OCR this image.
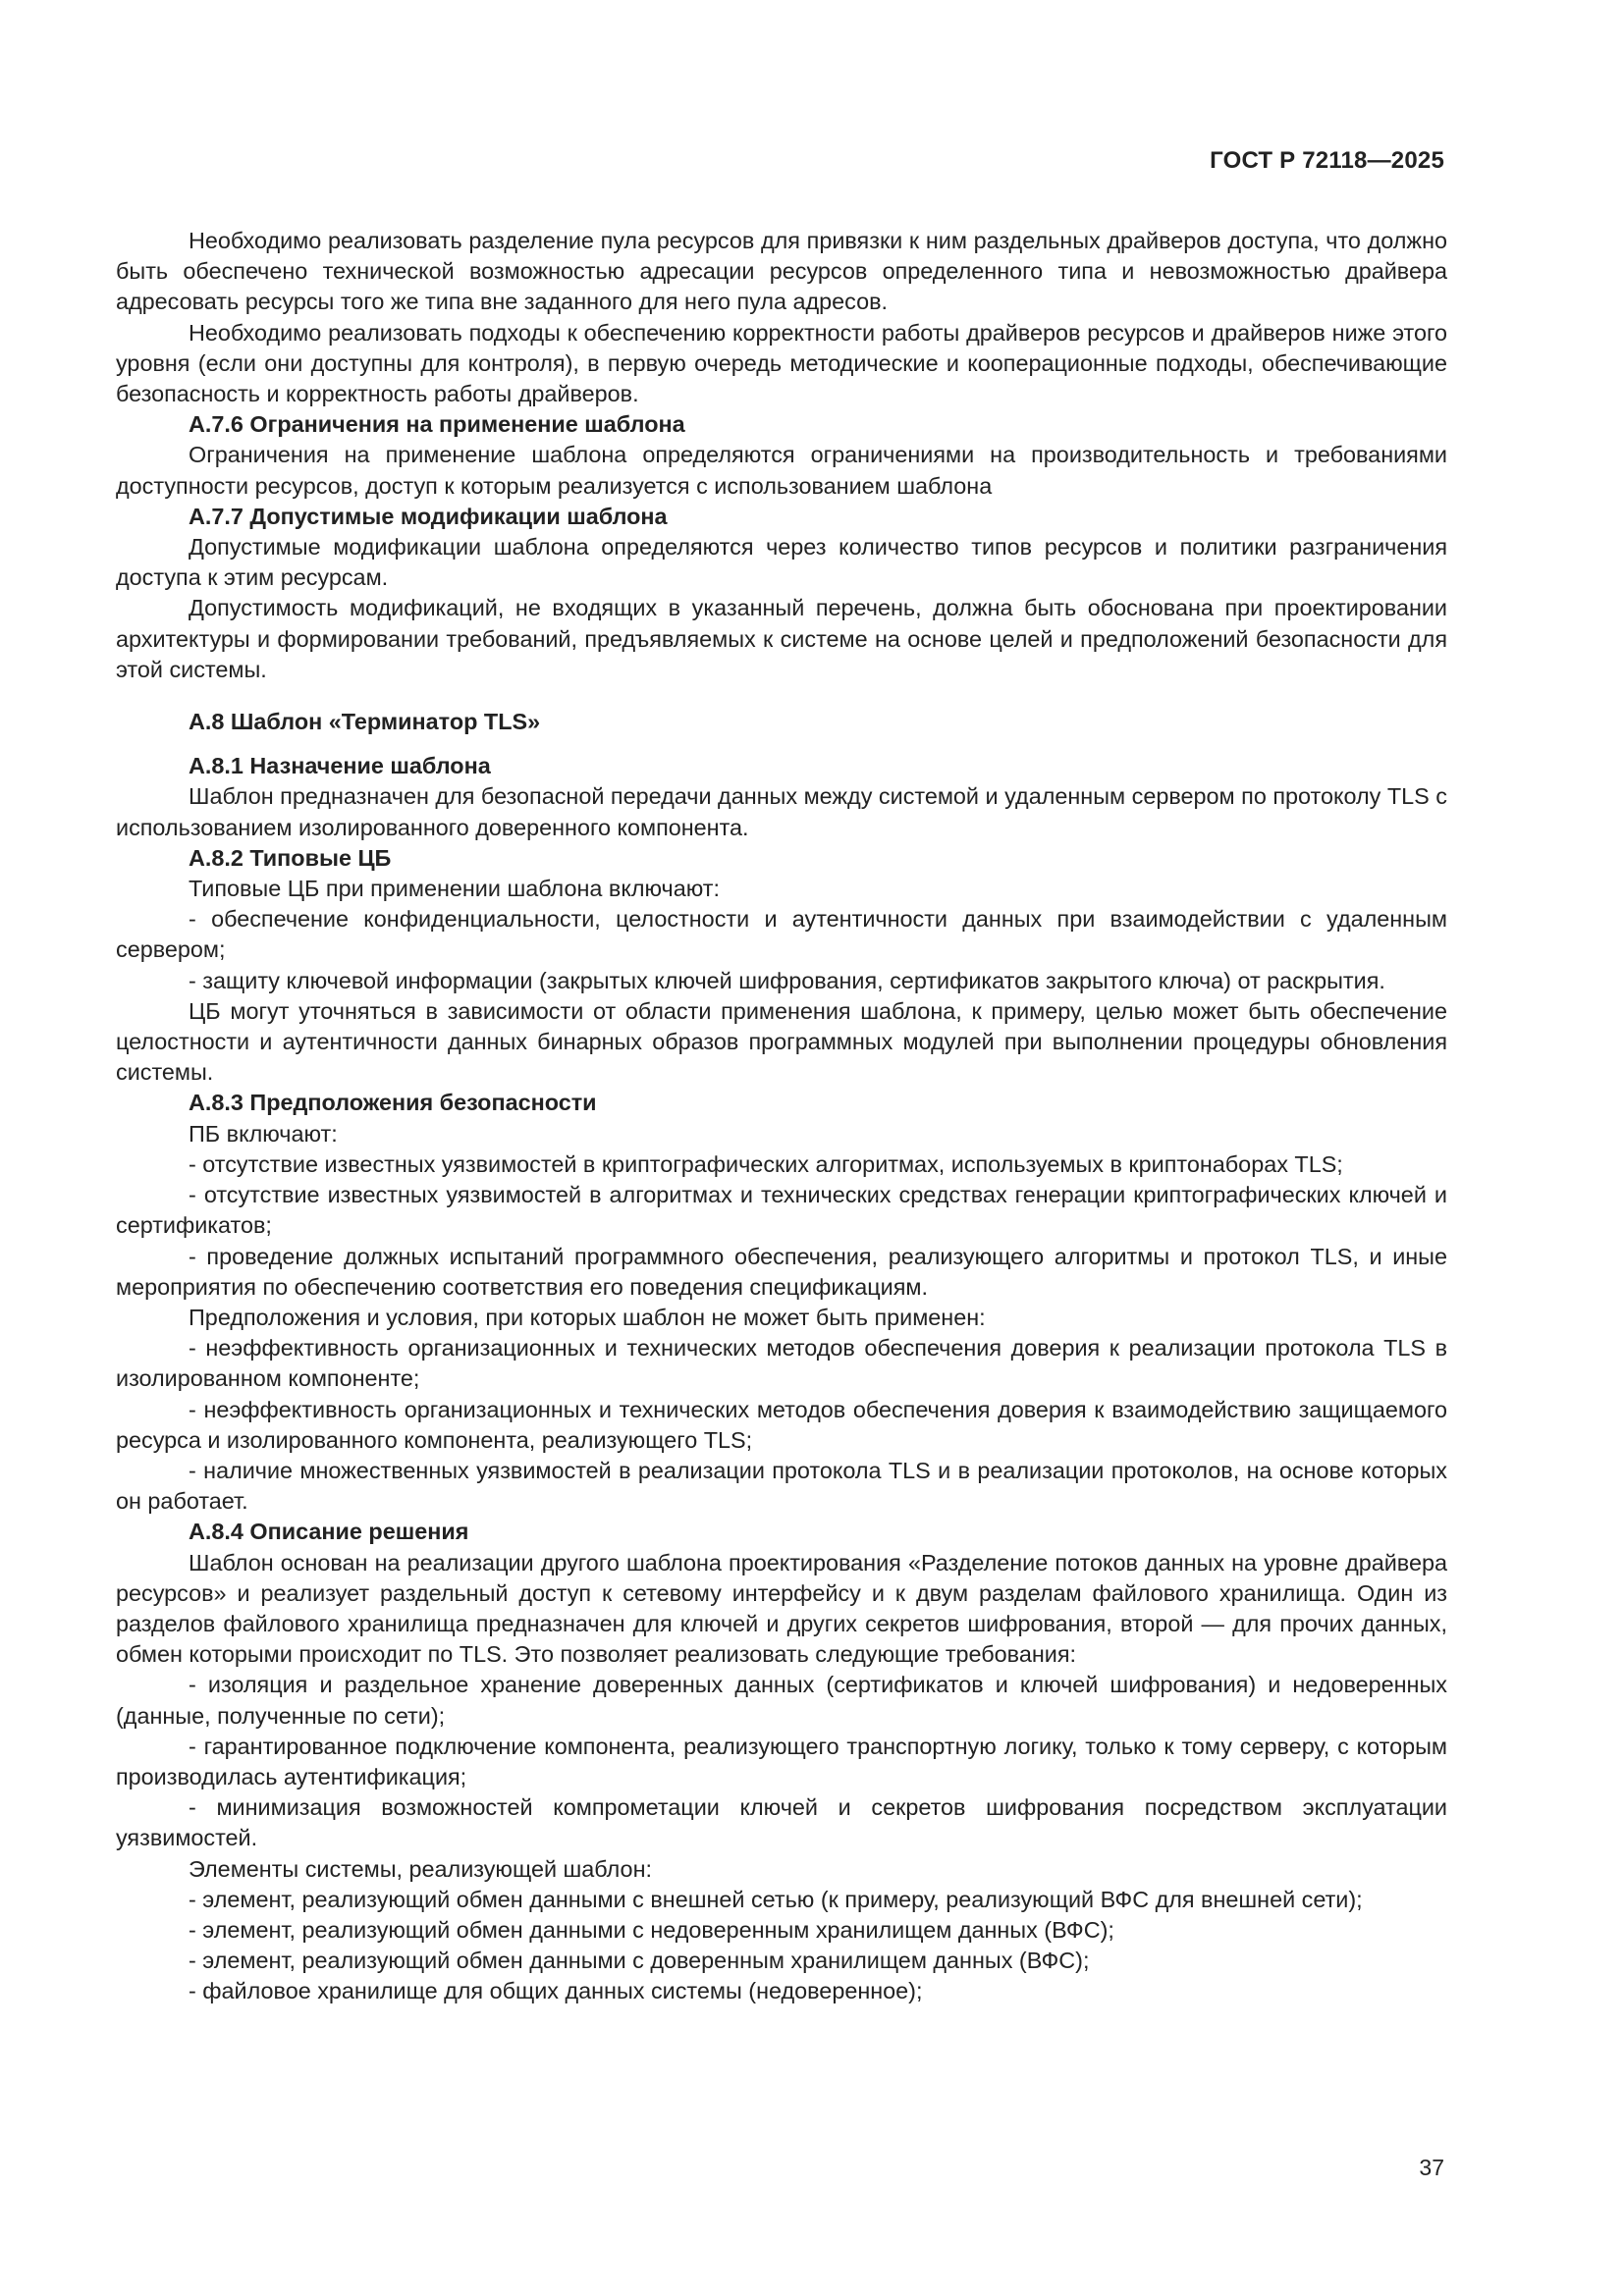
ГОСТ Р 72118—2025

Необходимо реализовать разделение пула ресурсов для привязки к ним раздельных драйверов доступа, что должно быть обеспечено технической возможностью адресации ресурсов определенного типа и невозможностью драйвера адресовать ресурсы того же типа вне заданного для него пула адресов.

Необходимо реализовать подходы к обеспечению корректности работы драйверов ресурсов и драйверов ниже этого уровня (если они доступны для контроля), в первую очередь методические и кооперационные подходы, обеспечивающие безопасность и корректность работы драйверов.

А.7.6 Ограничения на применение шаблона

Ограничения на применение шаблона определяются ограничениями на производительность и требованиями доступности ресурсов, доступ к которым реализуется с использованием шаблона

А.7.7 Допустимые модификации шаблона

Допустимые модификации шаблона определяются через количество типов ресурсов и политики разграничения доступа к этим ресурсам.

Допустимость модификаций, не входящих в указанный перечень, должна быть обоснована при проектировании архитектуры и формировании требований, предъявляемых к системе на основе целей и предположений безопасности для этой системы.

А.8 Шаблон «Терминатор TLS»

А.8.1 Назначение шаблона

Шаблон предназначен для безопасной передачи данных между системой и удаленным сервером по протоколу TLS с использованием изолированного доверенного компонента.

А.8.2 Типовые ЦБ

Типовые ЦБ при применении шаблона включают:

- обеспечение конфиденциальности, целостности и аутентичности данных при взаимодействии с удаленным сервером;

- защиту ключевой информации (закрытых ключей шифрования, сертификатов закрытого ключа) от раскрытия.

ЦБ могут уточняться в зависимости от области применения шаблона, к примеру, целью может быть обеспечение целостности и аутентичности данных бинарных образов программных модулей при выполнении процедуры обновления системы.

А.8.3 Предположения безопасности

ПБ включают:

- отсутствие известных уязвимостей в криптографических алгоритмах, используемых в криптонаборах TLS;

- отсутствие известных уязвимостей в алгоритмах и технических средствах генерации криптографических ключей и сертификатов;

- проведение должных испытаний программного обеспечения, реализующего алгоритмы и протокол TLS, и иные мероприятия по обеспечению соответствия его поведения спецификациям.

Предположения и условия, при которых шаблон не может быть применен:

- неэффективность организационных и технических методов обеспечения доверия к реализации протокола TLS в изолированном компоненте;

- неэффективность организационных и технических методов обеспечения доверия к взаимодействию защищаемого ресурса и изолированного компонента, реализующего TLS;

- наличие множественных уязвимостей в реализации протокола TLS и в реализации протоколов, на основе которых он работает.

А.8.4 Описание решения

Шаблон основан на реализации другого шаблона проектирования «Разделение потоков данных на уровне драйвера ресурсов» и реализует раздельный доступ к сетевому интерфейсу и к двум разделам файлового хранилища. Один из разделов файлового хранилища предназначен для ключей и других секретов шифрования, второй — для прочих данных, обмен которыми происходит по TLS. Это позволяет реализовать следующие требования:

- изоляция и раздельное хранение доверенных данных (сертификатов и ключей шифрования) и недоверенных (данные, полученные по сети);

- гарантированное подключение компонента, реализующего транспортную логику, только к тому серверу, с которым производилась аутентификация;

- минимизация возможностей компрометации ключей и секретов шифрования посредством эксплуатации уязвимостей.

Элементы системы, реализующей шаблон:

- элемент, реализующий обмен данными с внешней сетью (к примеру, реализующий ВФС для внешней сети);

- элемент, реализующий обмен данными с недоверенным хранилищем данных (ВФС);

- элемент, реализующий обмен данными с доверенным хранилищем данных (ВФС);

- файловое хранилище для общих данных системы (недоверенное);

37
